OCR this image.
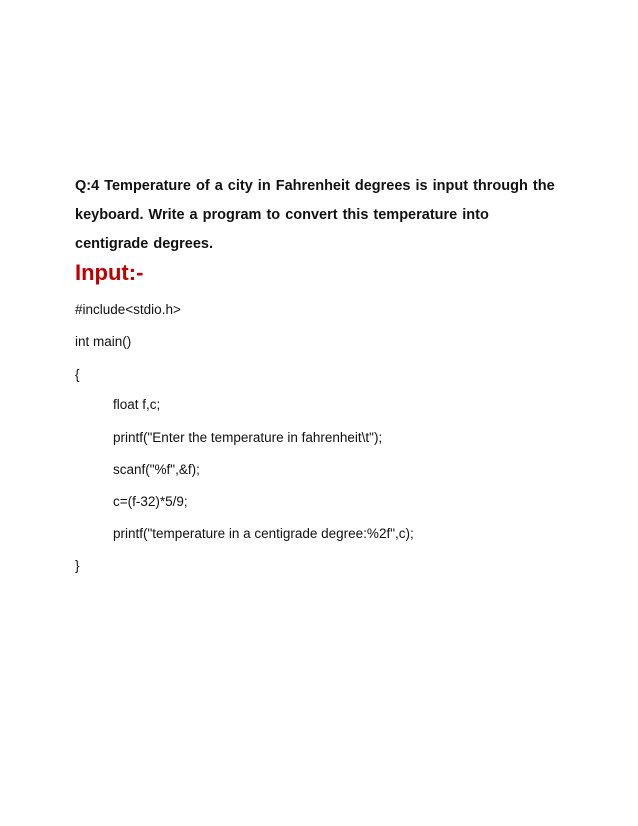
Q:4 Temperature of a city in Fahrenheit degrees is input through the
keyboard. Write a program to convert this temperature into
centigrade degrees.
Input:-
#include<stdio.h>
int main()
{
float f,c;
printf("Enter the temperature in fahrenheit\t");
scanf("%f",&f);
c=(f-32)*5/9;
printf("temperature in a centigrade degree:%2f",c);
}
